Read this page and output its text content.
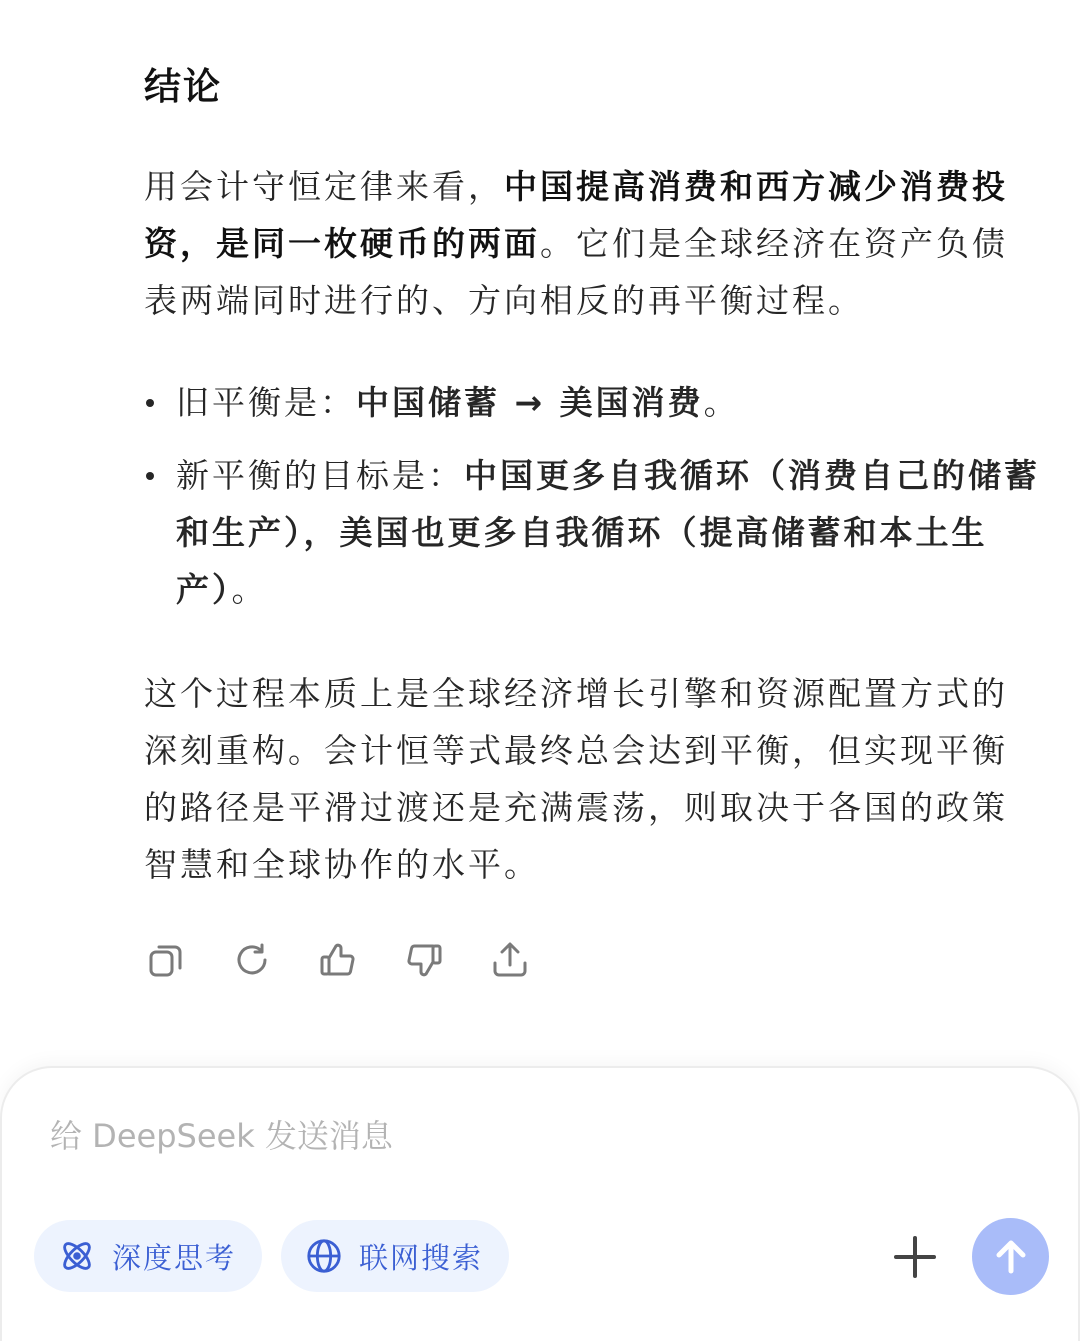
结论

用会计守恒定律来看，中国提高消费和西方减少消费投资，是同一枚硬币的两面。它们是全球经济在资产负债表两端同时进行的、方向相反的再平衡过程。

旧平衡是：中国储蓄 → 美国消费。
新平衡的目标是：中国更多自我循环（消费自己的储蓄和生产），美国也更多自我循环（提高储蓄和本土生产）。

这个过程本质上是全球经济增长引擎和资源配置方式的深刻重构。会计恒等式最终总会达到平衡，但实现平衡的路径是平滑过渡还是充满震荡，则取决于各国的政策智慧和全球协作的水平。

给 DeepSeek 发送消息
深度思考	联网搜索
